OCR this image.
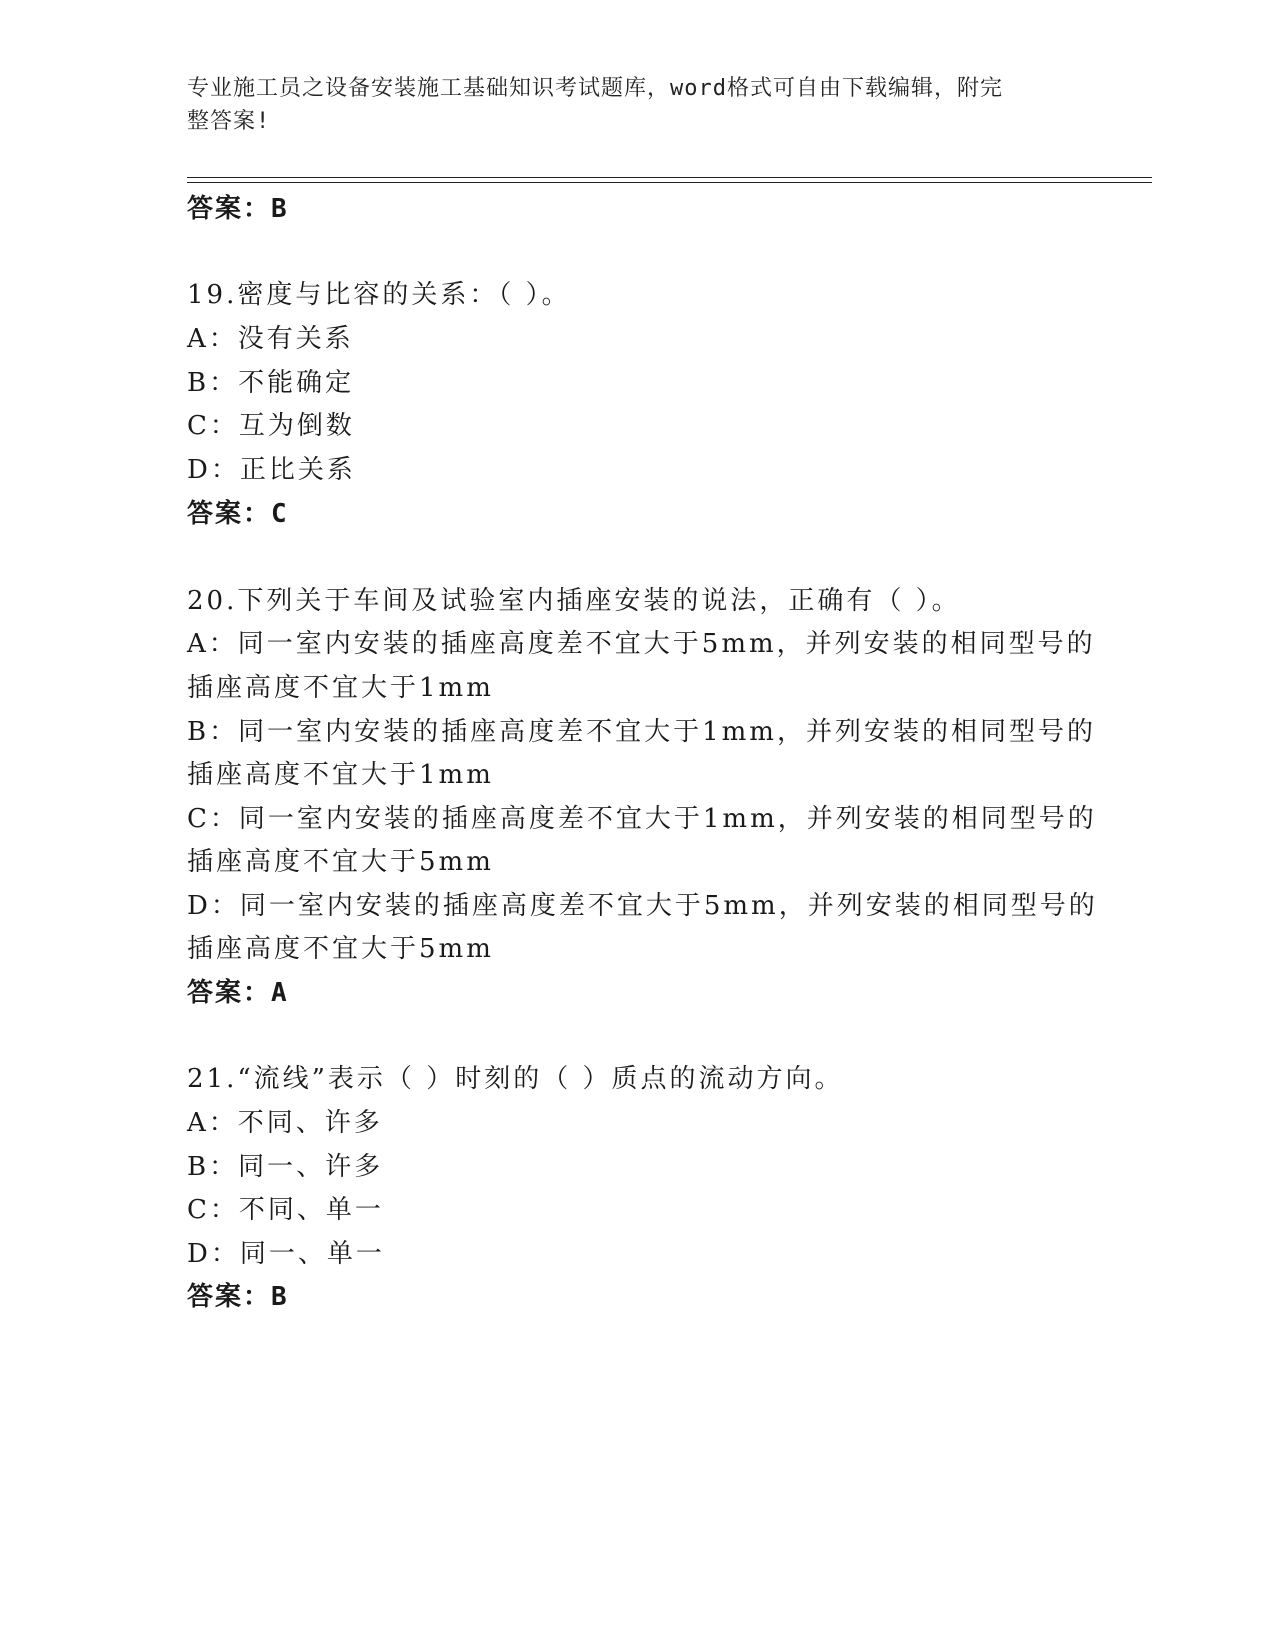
专业施工员之设备安装施工基础知识考试题库，word格式可自由下载编辑，附完
整答案!
答案：B
19.密度与比容的关系：（ ）。
A：没有关系
B：不能确定
C：互为倒数
D：正比关系
答案：C
20.下列关于车间及试验室内插座安装的说法，正确有（ ）。
A：同一室内安装的插座高度差不宜大于5mm，并列安装的相同型号的
插座高度不宜大于1mm
B：同一室内安装的插座高度差不宜大于1mm，并列安装的相同型号的
插座高度不宜大于1mm
C：同一室内安装的插座高度差不宜大于1mm，并列安装的相同型号的
插座高度不宜大于5mm
D：同一室内安装的插座高度差不宜大于5mm，并列安装的相同型号的
插座高度不宜大于5mm
答案：A
21.“流线”表示（ ）时刻的（ ）质点的流动方向。
A：不同、许多
B：同一、许多
C：不同、单一
D：同一、单一
答案：B
